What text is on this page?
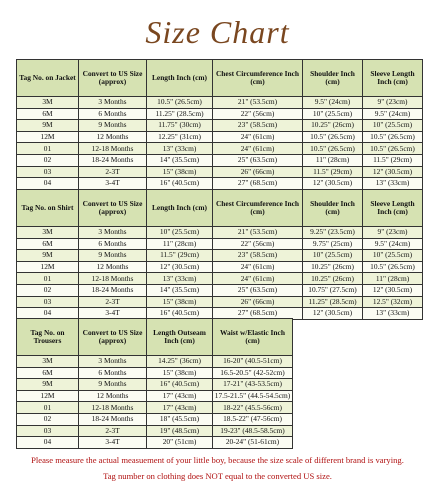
Size Chart
Tag No. on Jacket	Convert to US Size (approx)	Length Inch (cm)	Chest Circumference Inch (cm)	Shoulder Inch (cm)	Sleeve Length Inch (cm)
3M	3 Months	10.5" (26.5cm)	21" (53.5cm)	9.5" (24cm)	9" (23cm)
6M	6 Months	11.25" (28.5cm)	22" (56cm)	10" (25.5cm)	9.5" (24cm)
9M	9 Months	11.75" (30cm)	23" (58.5cm)	10.25" (26cm)	10" (25.5cm)
12M	12 Months	12.25" (31cm)	24" (61cm)	10.5" (26.5cm)	10.5" (26.5cm)
01	12-18 Months	13" (33cm)	24" (61cm)	10.5" (26.5cm)	10.5" (26.5cm)
02	18-24 Months	14" (35.5cm)	25" (63.5cm)	11" (28cm)	11.5" (29cm)
03	2-3T	15" (38cm)	26" (66cm)	11.5" (29cm)	12" (30.5cm)
04	3-4T	16" (40.5cm)	27" (68.5cm)	12" (30.5cm)	13" (33cm)
Tag No. on Shirt	Convert to US Size (approx)	Length Inch (cm)	Chest Circumference Inch (cm)	Shoulder Inch (cm)	Sleeve Length Inch (cm)
3M	3 Months	10" (25.5cm)	21" (53.5cm)	9.25" (23.5cm)	9" (23cm)
6M	6 Months	11" (28cm)	22" (56cm)	9.75" (25cm)	9.5" (24cm)
9M	9 Months	11.5" (29cm)	23" (58.5cm)	10" (25.5cm)	10" (25.5cm)
12M	12 Months	12" (30.5cm)	24" (61cm)	10.25" (26cm)	10.5" (26.5cm)
01	12-18 Months	13" (33cm)	24" (61cm)	10.25" (26cm)	11" (28cm)
02	18-24 Months	14" (35.5cm)	25" (63.5cm)	10.75" (27.5cm)	12" (30.5cm)
03	2-3T	15" (38cm)	26" (66cm)	11.25" (28.5cm)	12.5" (32cm)
04	3-4T	16" (40.5cm)	27" (68.5cm)	12" (30.5cm)	13" (33cm)
Tag No. on Trousers	Convert to US Size (approx)	Length Outseam Inch (cm)	Waist w/Elastic Inch (cm)
3M	3 Months	14.25" (36cm)	16-20" (40.5-51cm)
6M	6 Months	15" (38cm)	16.5-20.5" (42-52cm)
9M	9 Months	16" (40.5cm)	17-21" (43-53.5cm)
12M	12 Months	17" (43cm)	17.5-21.5" (44.5-54.5cm)
01	12-18 Months	17" (43cm)	18-22" (45.5-56cm)
02	18-24 Months	18" (45.5cm)	18.5-22" (47-56cm)
03	2-3T	19" (48.5cm)	19-23" (48.5-58.5cm)
04	3-4T	20" (51cm)	20-24" (51-61cm)
Please measure the actual measuement of your little boy, because the size scale of different brand is varying.
Tag number on clothing does NOT equal to the converted US size.
